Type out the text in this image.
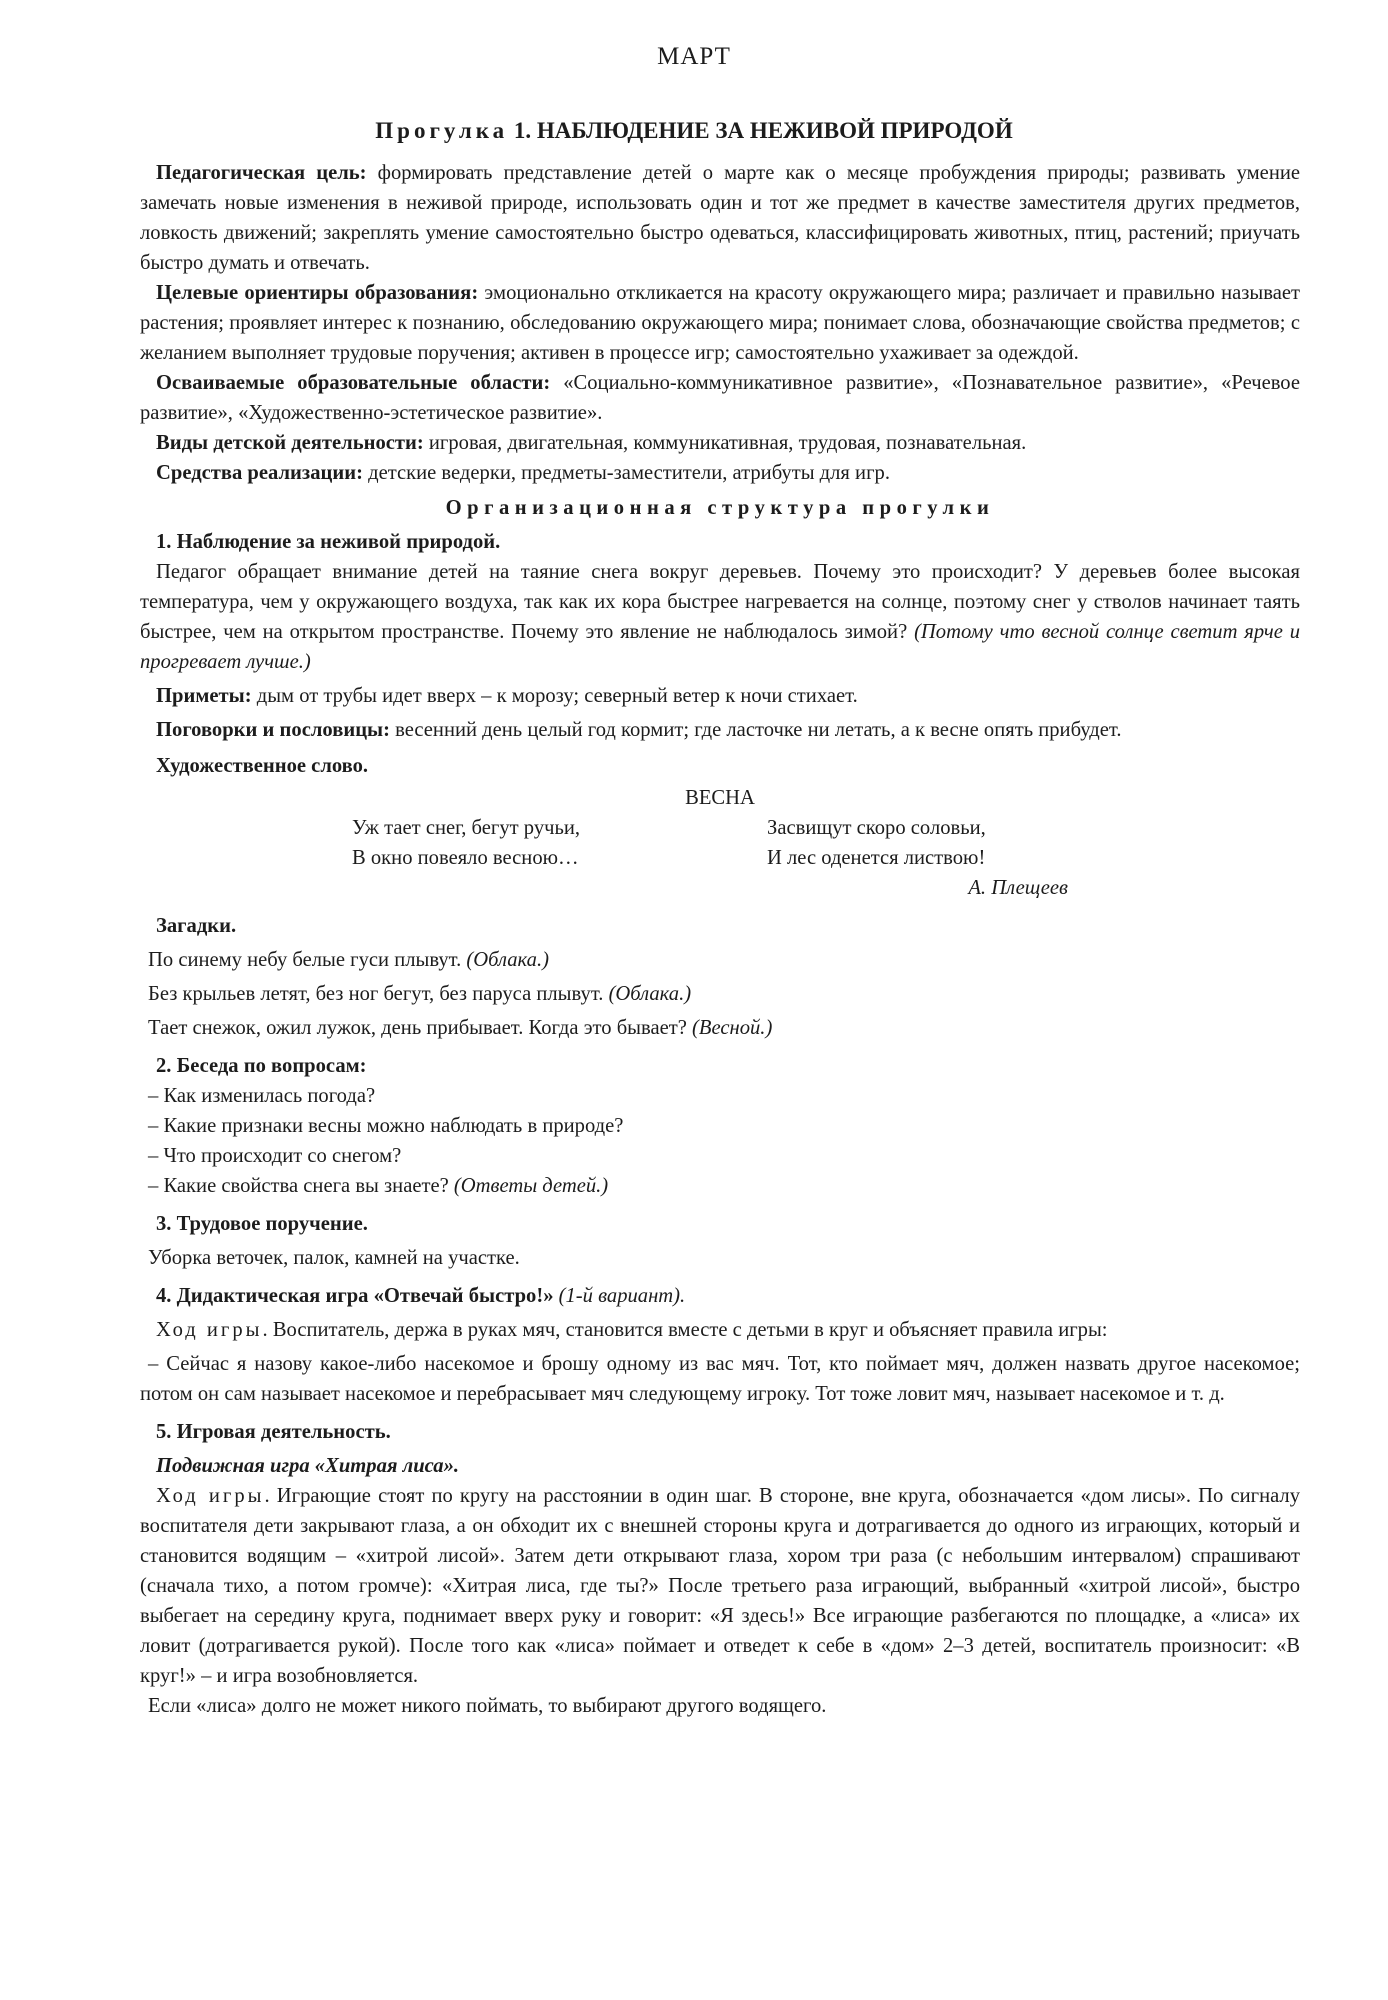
МАРТ
Прогулка 1. НАБЛЮДЕНИЕ ЗА НЕЖИВОЙ ПРИРОДОЙ

Педагогическая цель: формировать представление детей о марте как о месяце пробуждения природы; развивать умение замечать новые изменения в неживой природе, использовать один и тот же предмет в качестве заместителя других предметов, ловкость движений; закреплять умение самостоятельно быстро одеваться, классифицировать животных, птиц, растений; приучать быстро думать и отвечать.

Целевые ориентиры образования: эмоционально откликается на красоту окружающего мира; различает и правильно называет растения; проявляет интерес к познанию, обследованию окружающего мира; понимает слова, обозначающие свойства предметов; с желанием выполняет трудовые поручения; активен в процессе игр; самостоятельно ухаживает за одеждой.

Осваиваемые образовательные области: «Социально-коммуникативное развитие», «Познавательное развитие», «Речевое развитие», «Художественно-эстетическое развитие».

Виды детской деятельности: игровая, двигательная, коммуникативная, трудовая, познавательная.

Средства реализации: детские ведерки, предметы-заместители, атрибуты для игр.

Организационная структура прогулки

1. Наблюдение за неживой природой.

Педагог обращает внимание детей на таяние снега вокруг деревьев. Почему это происходит? У деревьев более высокая температура, чем у окружающего воздуха, так как их кора быстрее нагревается на солнце, поэтому снег у стволов начинает таять быстрее, чем на открытом пространстве. Почему это явление не наблюдалось зимой? (Потому что весной солнце светит ярче и прогревает лучше.)

Приметы: дым от трубы идет вверх – к морозу; северный ветер к ночи стихает.

Поговорки и пословицы: весенний день целый год кормит; где ласточке ни летать, а к весне опять прибудет.

Художественное слово.

ВЕСНА

Уж тает снег, бегут ручьи,
В окно повеяло весною…
Засвищут скоро соловьи,
И лес оденется листвою!
А. Плещеев

Загадки.

По синему небу белые гуси плывут. (Облака.)

Без крыльев летят, без ног бегут, без паруса плывут. (Облака.)

Тает снежок, ожил лужок, день прибывает. Когда это бывает? (Весной.)

2. Беседа по вопросам:

– Как изменилась погода?

– Какие признаки весны можно наблюдать в природе?

– Что происходит со снегом?

– Какие свойства снега вы знаете? (Ответы детей.)

3. Трудовое поручение.

Уборка веточек, палок, камней на участке.

4. Дидактическая игра «Отвечай быстро!» (1-й вариант).

Ход игры. Воспитатель, держа в руках мяч, становится вместе с детьми в круг и объясняет правила игры:

– Сейчас я назову какое-либо насекомое и брошу одному из вас мяч. Тот, кто поймает мяч, должен назвать другое насекомое; потом он сам называет насекомое и перебрасывает мяч следующему игроку. Тот тоже ловит мяч, называет насекомое и т. д.

5. Игровая деятельность.

Подвижная игра «Хитрая лиса».

Ход игры. Играющие стоят по кругу на расстоянии в один шаг. В стороне, вне круга, обозначается «дом лисы». По сигналу воспитателя дети закрывают глаза, а он обходит их с внешней стороны круга и дотрагивается до одного из играющих, который и становится водящим – «хитрой лисой». Затем дети открывают глаза, хором три раза (с небольшим интервалом) спрашивают (сначала тихо, а потом громче): «Хитрая лиса, где ты?» После третьего раза играющий, выбранный «хитрой лисой», быстро выбегает на середину круга, поднимает вверх руку и говорит: «Я здесь!» Все играющие разбегаются по площадке, а «лиса» их ловит (дотрагивается рукой). После того как «лиса» поймает и отведет к себе в «дом» 2–3 детей, воспитатель произносит: «В круг!» – и игра возобновляется.

Если «лиса» долго не может никого поймать, то выбирают другого водящего.
